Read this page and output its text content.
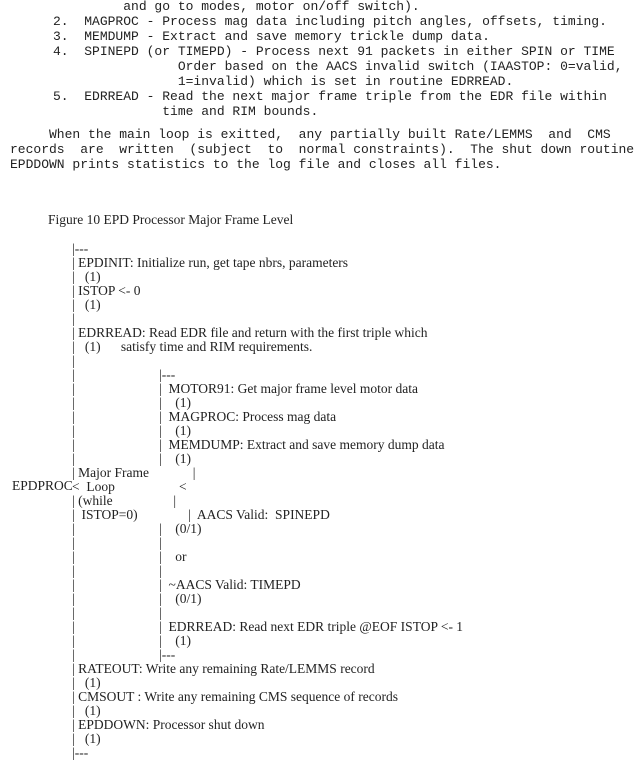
and go to modes, motor on/off switch).
2.  MAGPROC - Process mag data including pitch angles, offsets, timing.
3.  MEMDUMP - Extract and save memory trickle dump data.
4.  SPINEPD (or TIMEPD) - Process next 91 packets in either SPIN or TIME
Order based on the AACS invalid switch (IAASTOP: 0=valid,
1=invalid) which is set in routine EDRREAD.
5.  EDRREAD - Read the next major frame triple from the EDR file within
time and RIM bounds.
When the main loop is exitted,  any partially built Rate/LEMMS  and  CMS
records  are  written  (subject  to  normal constraints).  The shut down routine
EPDDOWN prints statistics to the log file and closes all files.
Figure 10 EPD Processor Major Frame Level
EPDPROC
|---
| EPDINIT: Initialize run, get tape nbrs, parameters
|   (1)
| ISTOP <- 0
|   (1)
|
| EDRREAD: Read EDR file and return with the first triple which
|   (1)      satisfy time and RIM requirements.
|
|                         |---
|                         |  MOTOR91: Get major frame level motor data
|                         |    (1)
|                         |  MAGPROC: Process mag data
|                         |    (1)
|                         |  MEMDUMP: Extract and save memory dump data
|                         |    (1)
| Major Frame             |
<  Loop                   <
| (while                  |
|  ISTOP=0)               |  AACS Valid:  SPINEPD
|                         |    (0/1)
|                         |
|                         |    or
|                         |
|                         |  ~AACS Valid: TIMEPD
|                         |    (0/1)
|                         |
|                         |  EDRREAD: Read next EDR triple @EOF ISTOP <- 1
|                         |    (1)
|                         |---
| RATEOUT: Write any remaining Rate/LEMMS record
|   (1)
| CMSOUT : Write any remaining CMS sequence of records
|   (1)
| EPDDOWN: Processor shut down
|   (1)
|---
